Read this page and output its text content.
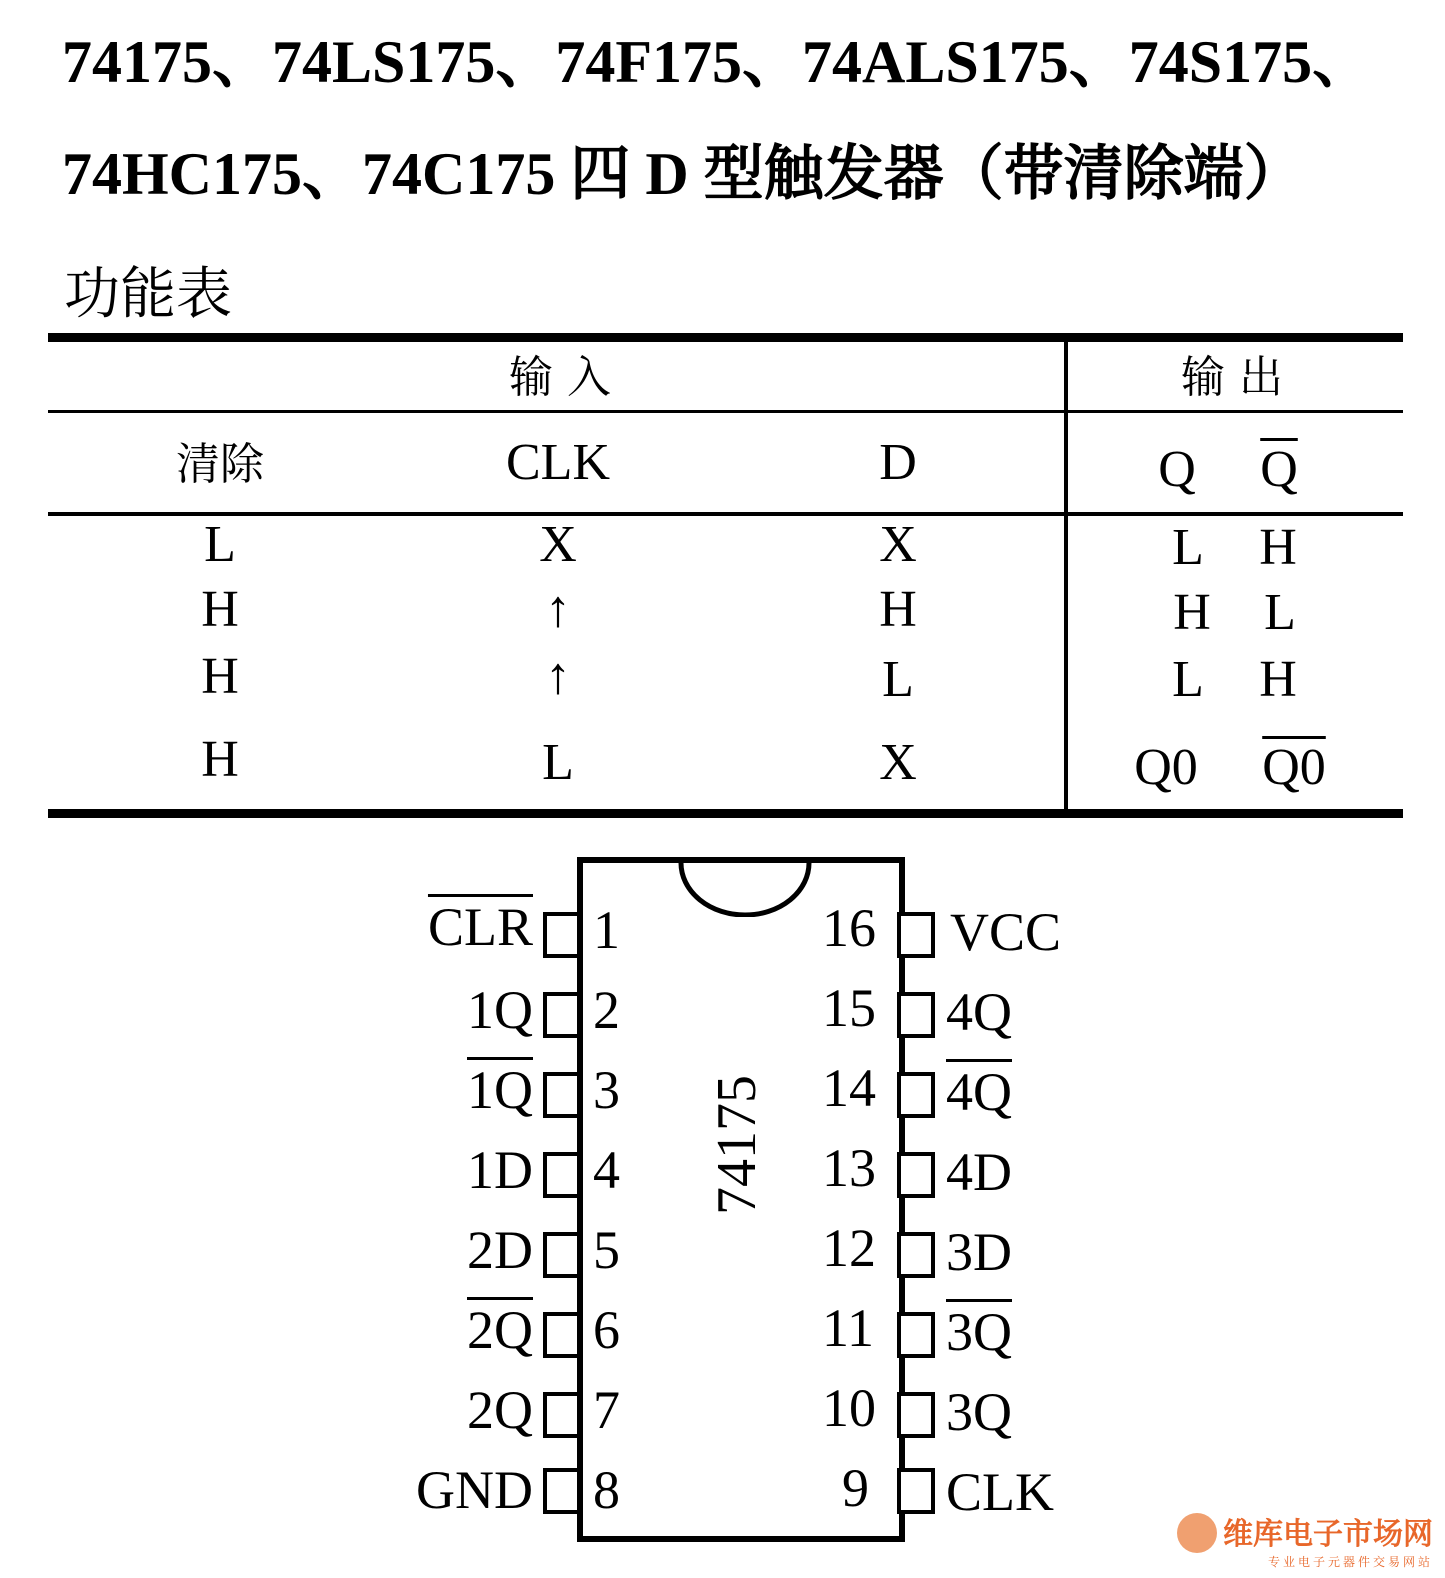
74175、74LS175、74F175、74ALS175、74S175、
74HC175、74C175 四 D 型触发器（带清除端）
功能表
输 入	输 出
清除	CLK	D	Q	$\overline{Q}$
L	X	X	L	H
H	↑	H	H	L
H	↑	L	L	H
H	L	X	Q0	Q0
74175
$\overline{CLR}$ 1
1Q 2
1Q 3
1D 4
2D 5
2Q 6
2Q 7
GND 8
16 VCC
15 4Q
14 4Q
13 4D
12 3D
11 3Q
10 3Q
9 CLK
维库电子市场网
专业电子元器件交易网站
